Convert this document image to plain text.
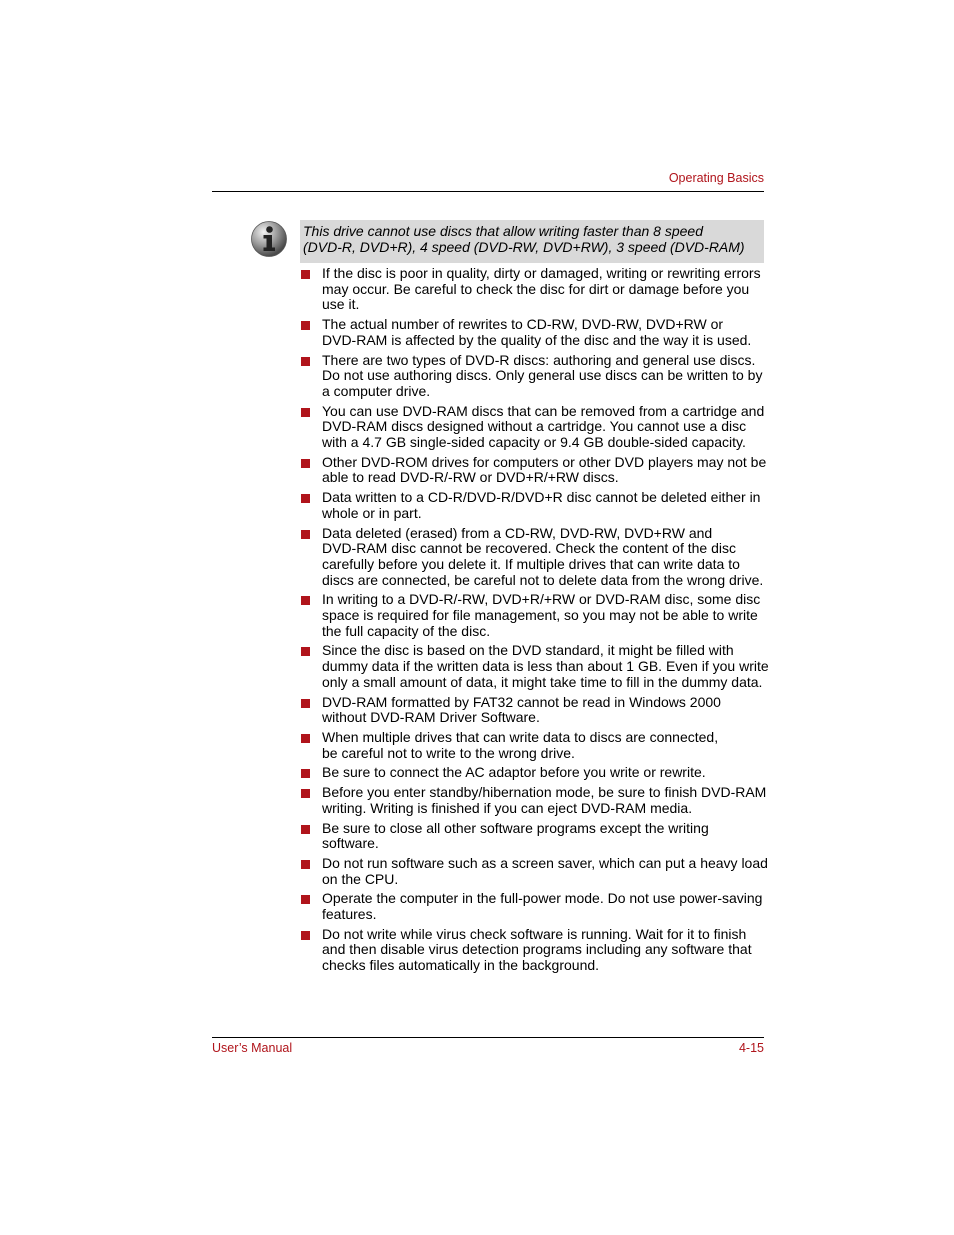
Operating Basics

This drive cannot use discs that allow writing faster than 8 speed

(DVD-R, DVD+R), 4 speed (DVD-RW, DVD+RW), 3 speed (DVD-RAM)

If the disc is poor in quality, dirty or damaged, writing or rewriting errors
may occur. Be careful to check the disc for dirt or damage before you
use it.
The actual number of rewrites to CD-RW, DVD-RW, DVD+RW or
DVD-RAM is affected by the quality of the disc and the way it is used.
There are two types of DVD-R discs: authoring and general use discs.
Do not use authoring discs. Only general use discs can be written to by
a computer drive.
You can use DVD-RAM discs that can be removed from a cartridge and
DVD-RAM discs designed without a cartridge. You cannot use a disc
with a 4.7 GB single-sided capacity or 9.4 GB double-sided capacity.
Other DVD-ROM drives for computers or other DVD players may not be
able to read DVD-R/-RW or DVD+R/+RW discs.
Data written to a CD-R/DVD-R/DVD+R disc cannot be deleted either in
whole or in part.
Data deleted (erased) from a CD-RW, DVD-RW, DVD+RW and
DVD-RAM disc cannot be recovered. Check the content of the disc
carefully before you delete it. If multiple drives that can write data to
discs are connected, be careful not to delete data from the wrong drive.
In writing to a DVD-R/-RW, DVD+R/+RW or DVD-RAM disc, some disc
space is required for file management, so you may not be able to write
the full capacity of the disc.
Since the disc is based on the DVD standard, it might be filled with
dummy data if the written data is less than about 1 GB. Even if you write
only a small amount of data, it might take time to fill in the dummy data.
DVD-RAM formatted by FAT32 cannot be read in Windows 2000
without DVD-RAM Driver Software.
When multiple drives that can write data to discs are connected,
be careful not to write to the wrong drive.
Be sure to connect the AC adaptor before you write or rewrite.
Before you enter standby/hibernation mode, be sure to finish DVD-RAM
writing. Writing is finished if you can eject DVD-RAM media.
Be sure to close all other software programs except the writing
software.
Do not run software such as a screen saver, which can put a heavy load
on the CPU.
Operate the computer in the full-power mode. Do not use power-saving
features.
Do not write while virus check software is running. Wait for it to finish
and then disable virus detection programs including any software that
checks files automatically in the background.
User’s Manual	4-15
